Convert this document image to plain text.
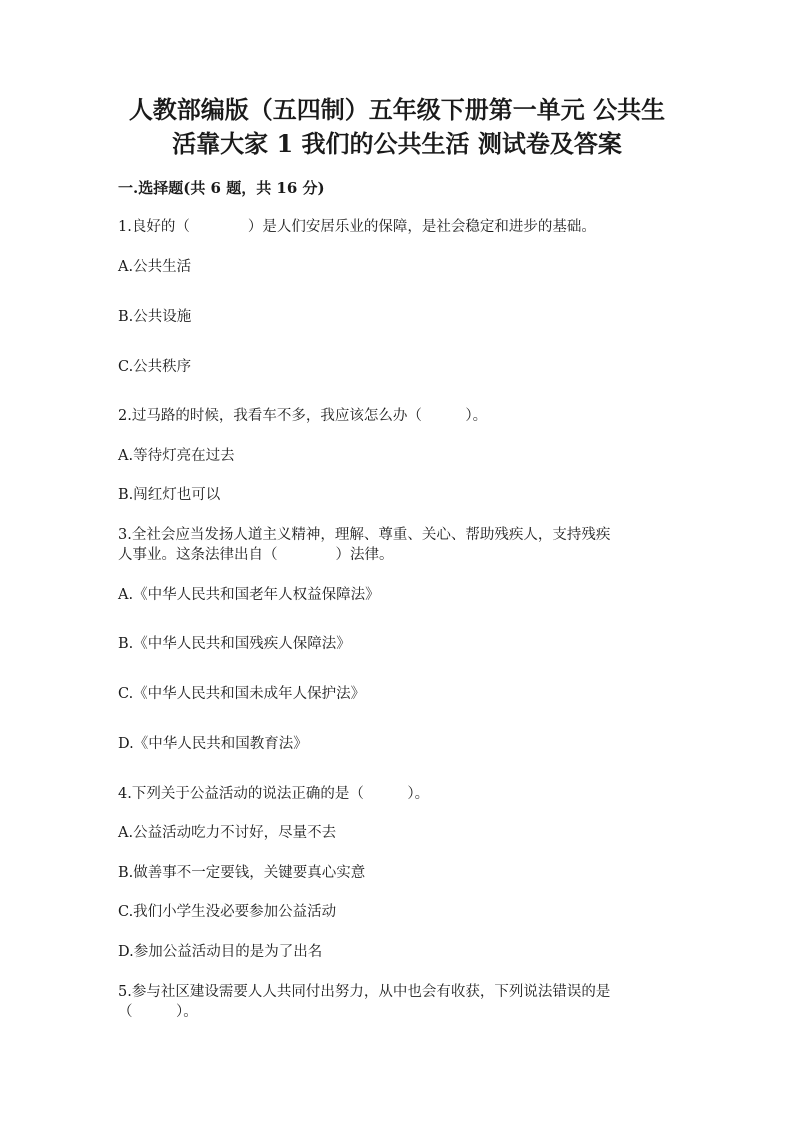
人教部编版（五四制）五年级下册第一单元 公共生
活靠大家 1 我们的公共生活 测试卷及答案
一.选择题(共 6 题，共 16 分)
1.良好的（　　　　）是人们安居乐业的保障，是社会稳定和进步的基础。
A.公共生活
B.公共设施
C.公共秩序
2.过马路的时候，我看车不多，我应该怎么办（　　　）。
A.等待灯亮在过去
B.闯红灯也可以
3.全社会应当发扬人道主义精神，理解、尊重、关心、帮助残疾人，支持残疾
人事业。这条法律出自（　　　　）法律。
A.《中华人民共和国老年人权益保障法》
B.《中华人民共和国残疾人保障法》
C.《中华人民共和国未成年人保护法》
D.《中华人民共和国教育法》
4.下列关于公益活动的说法正确的是（　　　）。
A.公益活动吃力不讨好，尽量不去
B.做善事不一定要钱，关键要真心实意
C.我们小学生没必要参加公益活动
D.参加公益活动目的是为了出名
5.参与社区建设需要人人共同付出努力，从中也会有收获，下列说法错误的是
（　　　）。
